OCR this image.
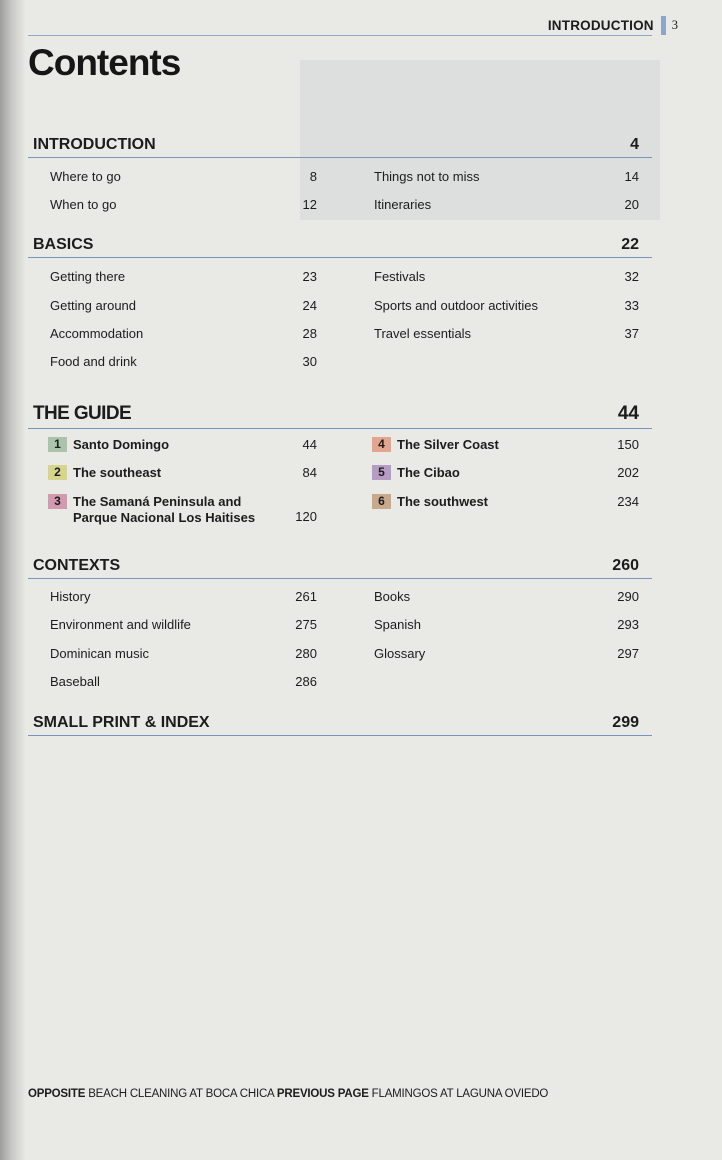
INTRODUCTION 3
Contents
INTRODUCTION	4
Where to go	8
When to go	12
Things not to miss	14
Itineraries	20
BASICS	22
Getting there	23
Getting around	24
Accommodation	28
Food and drink	30
Festivals	32
Sports and outdoor activities	33
Travel essentials	37
THE GUIDE	44
1 Santo Domingo	44
2 The southeast	84
3 The Samaná Peninsula and Parque Nacional Los Haitises	120
4 The Silver Coast	150
5 The Cibao	202
6 The southwest	234
CONTEXTS	260
History	261
Environment and wildlife	275
Dominican music	280
Baseball	286
Books	290
Spanish	293
Glossary	297
SMALL PRINT & INDEX	299
OPPOSITE BEACH CLEANING AT BOCA CHICA PREVIOUS PAGE FLAMINGOS AT LAGUNA OVIEDO
